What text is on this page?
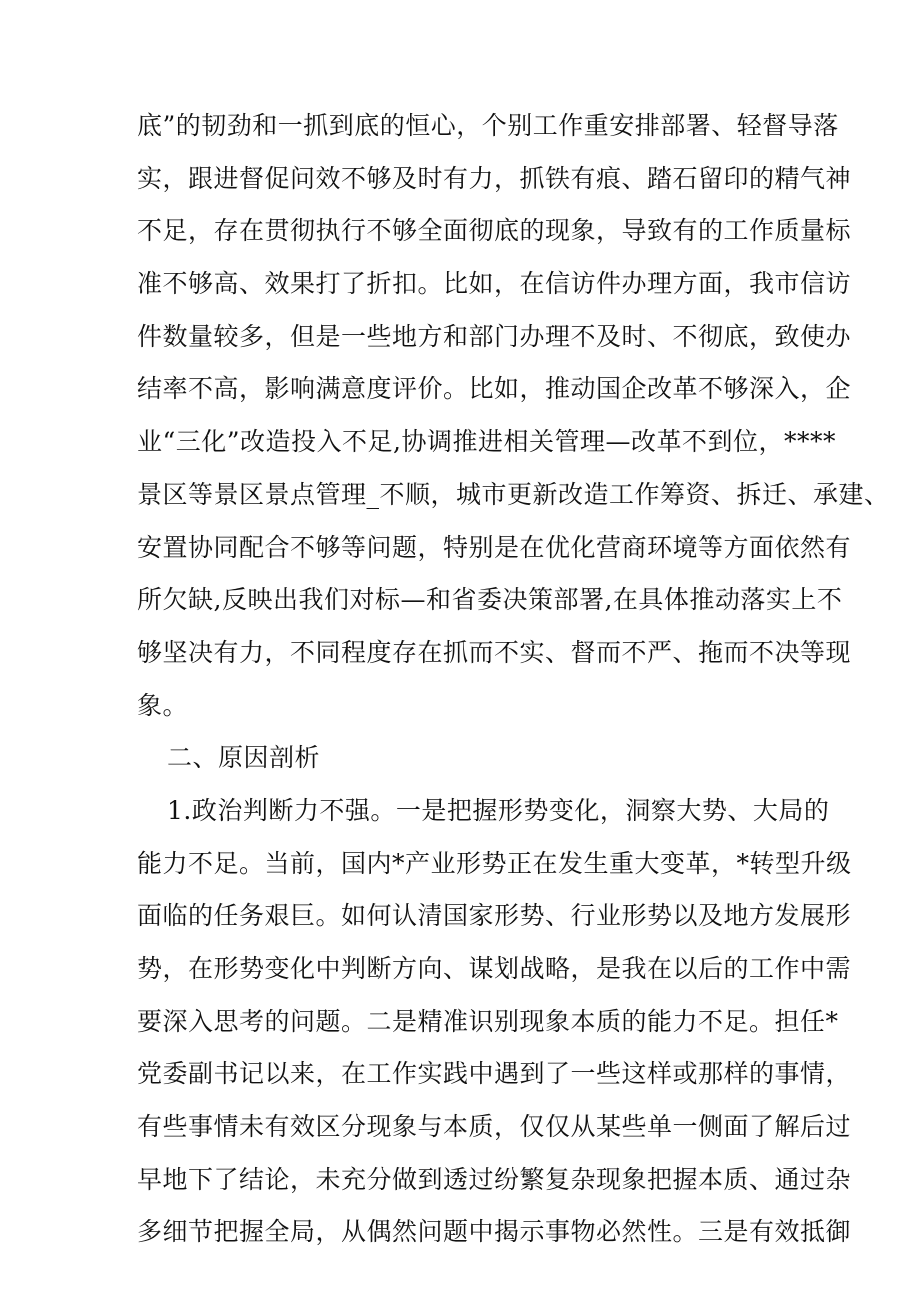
底”的韧劲和一抓到底的恒心，个别工作重安排部署、轻督导落
实，跟进督促问效不够及时有力，抓铁有痕、踏石留印的精气神
不足，存在贯彻执行不够全面彻底的现象，导致有的工作质量标
准不够高、效果打了折扣。比如，在信访件办理方面，我市信访
件数量较多，但是一些地方和部门办理不及时、不彻底，致使办
结率不高，影响满意度评价。比如，推动国企改革不够深入，企
业“三化”改造投入不足,协调推进相关管理—改革不到位，****
景区等景区景点管理_不顺，城市更新改造工作筹资、拆迁、承建、
安置协同配合不够等问题，特别是在优化营商环境等方面依然有
所欠缺,反映出我们对标—和省委决策部署,在具体推动落实上不
够坚决有力，不同程度存在抓而不实、督而不严、拖而不决等现
象。
二、原因剖析
1.政治判断力不强。一是把握形势变化，洞察大势、大局的
能力不足。当前，国内*产业形势正在发生重大变革，*转型升级
面临的任务艰巨。如何认清国家形势、行业形势以及地方发展形
势，在形势变化中判断方向、谋划战略，是我在以后的工作中需
要深入思考的问题。二是精准识别现象本质的能力不足。担任*
党委副书记以来，在工作实践中遇到了一些这样或那样的事情，
有些事情未有效区分现象与本质，仅仅从某些单一侧面了解后过
早地下了结论，未充分做到透过纷繁复杂现象把握本质、通过杂
多细节把握全局，从偶然问题中揭示事物必然性。三是有效抵御
